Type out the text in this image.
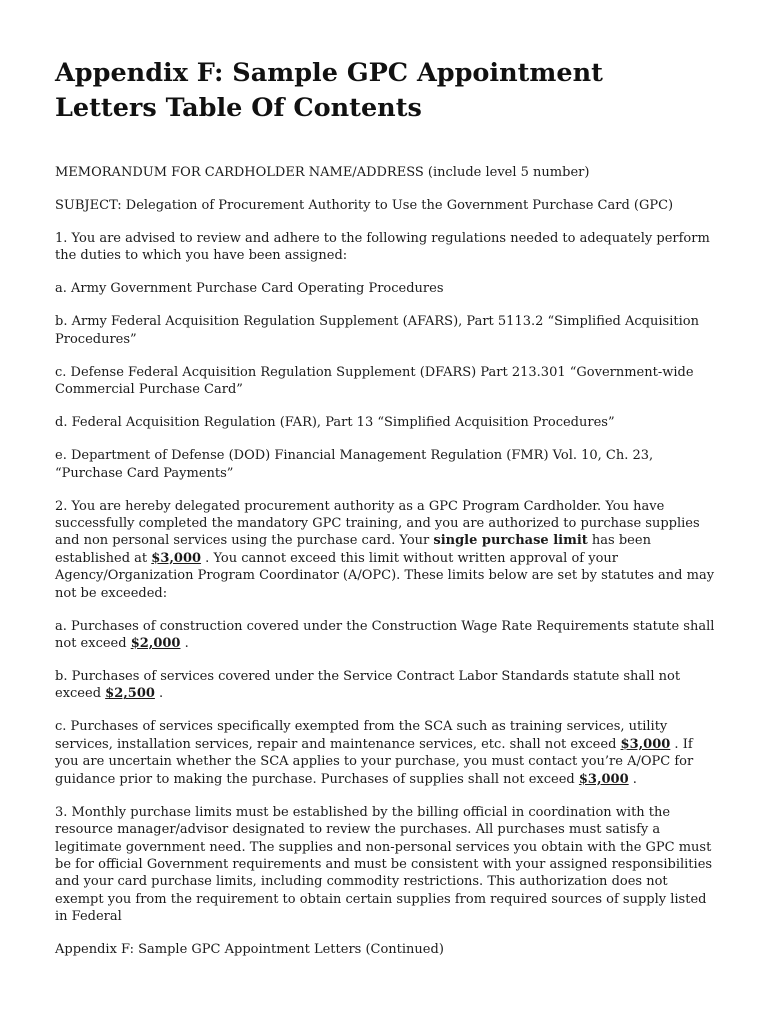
Appendix F: Sample GPC Appointment
Letters Table Of Contents

MEMORANDUM FOR CARDHOLDER NAME/ADDRESS (include level 5 number)

SUBJECT: Delegation of Procurement Authority to Use the Government Purchase Card (GPC)

1. You are advised to review and adhere to the following regulations needed to adequately perform the duties to which you have been assigned:

a. Army Government Purchase Card Operating Procedures

b. Army Federal Acquisition Regulation Supplement (AFARS), Part 5113.2 “Simplified Acquisition Procedures”

c. Defense Federal Acquisition Regulation Supplement (DFARS) Part 213.301 “Government-wide Commercial Purchase Card”

d. Federal Acquisition Regulation (FAR), Part 13 “Simplified Acquisition Procedures”

e. Department of Defense (DOD) Financial Management Regulation (FMR) Vol. 10, Ch. 23, “Purchase Card Payments”

2. You are hereby delegated procurement authority as a GPC Program Cardholder. You have successfully completed the mandatory GPC training, and you are authorized to purchase supplies and non personal services using the purchase card. Your single purchase limit has been established at $3,000 . You cannot exceed this limit without written approval of your Agency/Organization Program Coordinator (A/OPC). These limits below are set by statutes and may not be exceeded:

a. Purchases of construction covered under the Construction Wage Rate Requirements statute shall not exceed $2,000 .

b. Purchases of services covered under the Service Contract Labor Standards statute shall not exceed $2,500 .

c. Purchases of services specifically exempted from the SCA such as training services, utility services, installation services, repair and maintenance services, etc. shall not exceed $3,000 . If you are uncertain whether the SCA applies to your purchase, you must contact you’re A/OPC for guidance prior to making the purchase. Purchases of supplies shall not exceed $3,000 .

3. Monthly purchase limits must be established by the billing official in coordination with the resource manager/advisor designated to review the purchases. All purchases must satisfy a legitimate government need. The supplies and non-personal services you obtain with the GPC must be for official Government requirements and must be consistent with your assigned responsibilities and your card purchase limits, including commodity restrictions. This authorization does not exempt you from the requirement to obtain certain supplies from required sources of supply listed in Federal

Appendix F: Sample GPC Appointment Letters (Continued)
